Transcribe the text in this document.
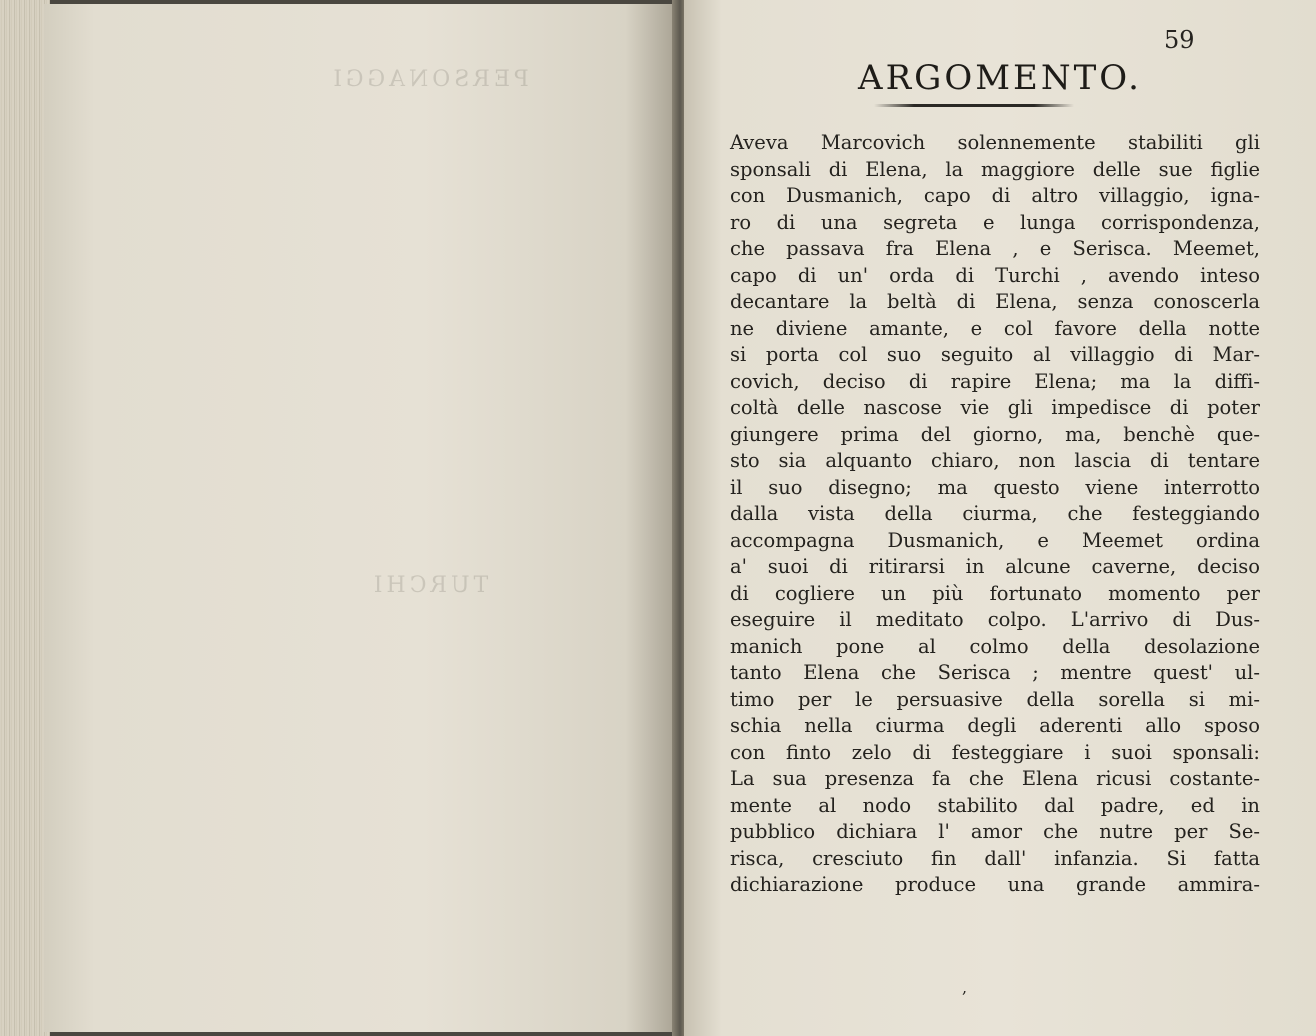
PERSONAGGI

TURCHI
59
ARGOMENTO.
Aveva Marcovich solennemente stabiliti gli
sponsali di Elena, la maggiore delle sue figlie
con Dusmanich, capo di altro villaggio, igna-
ro di una segreta e lunga corrispondenza,
che passava fra Elena , e Serisca. Meemet,
capo di un' orda di Turchi , avendo inteso
decantare la beltà di Elena, senza conoscerla
ne diviene amante, e col favore della notte
si porta col suo seguito al villaggio di Mar-
covich, deciso di rapire Elena; ma la diffi-
coltà delle nascose vie gli impedisce di poter
giungere prima del giorno, ma, benchè que-
sto sia alquanto chiaro, non lascia di tentare
il suo disegno; ma questo viene interrotto
dalla vista della ciurma, che festeggiando
accompagna Dusmanich, e Meemet ordina
a' suoi di ritirarsi in alcune caverne, deciso
di cogliere un più fortunato momento per
eseguire il meditato colpo. L'arrivo di Dus-
manich pone al colmo della desolazione
tanto Elena che Serisca ; mentre quest' ul-
timo per le persuasive della sorella si mi-
schia nella ciurma degli aderenti allo sposo
con finto zelo di festeggiare i suoi sponsali:
La sua presenza fa che Elena ricusi costante-
mente al nodo stabilito dal padre, ed in
pubblico dichiara l' amor che nutre per Se-
risca, cresciuto fin dall' infanzia. Si fatta
dichiarazione produce una grande ammira-
,
